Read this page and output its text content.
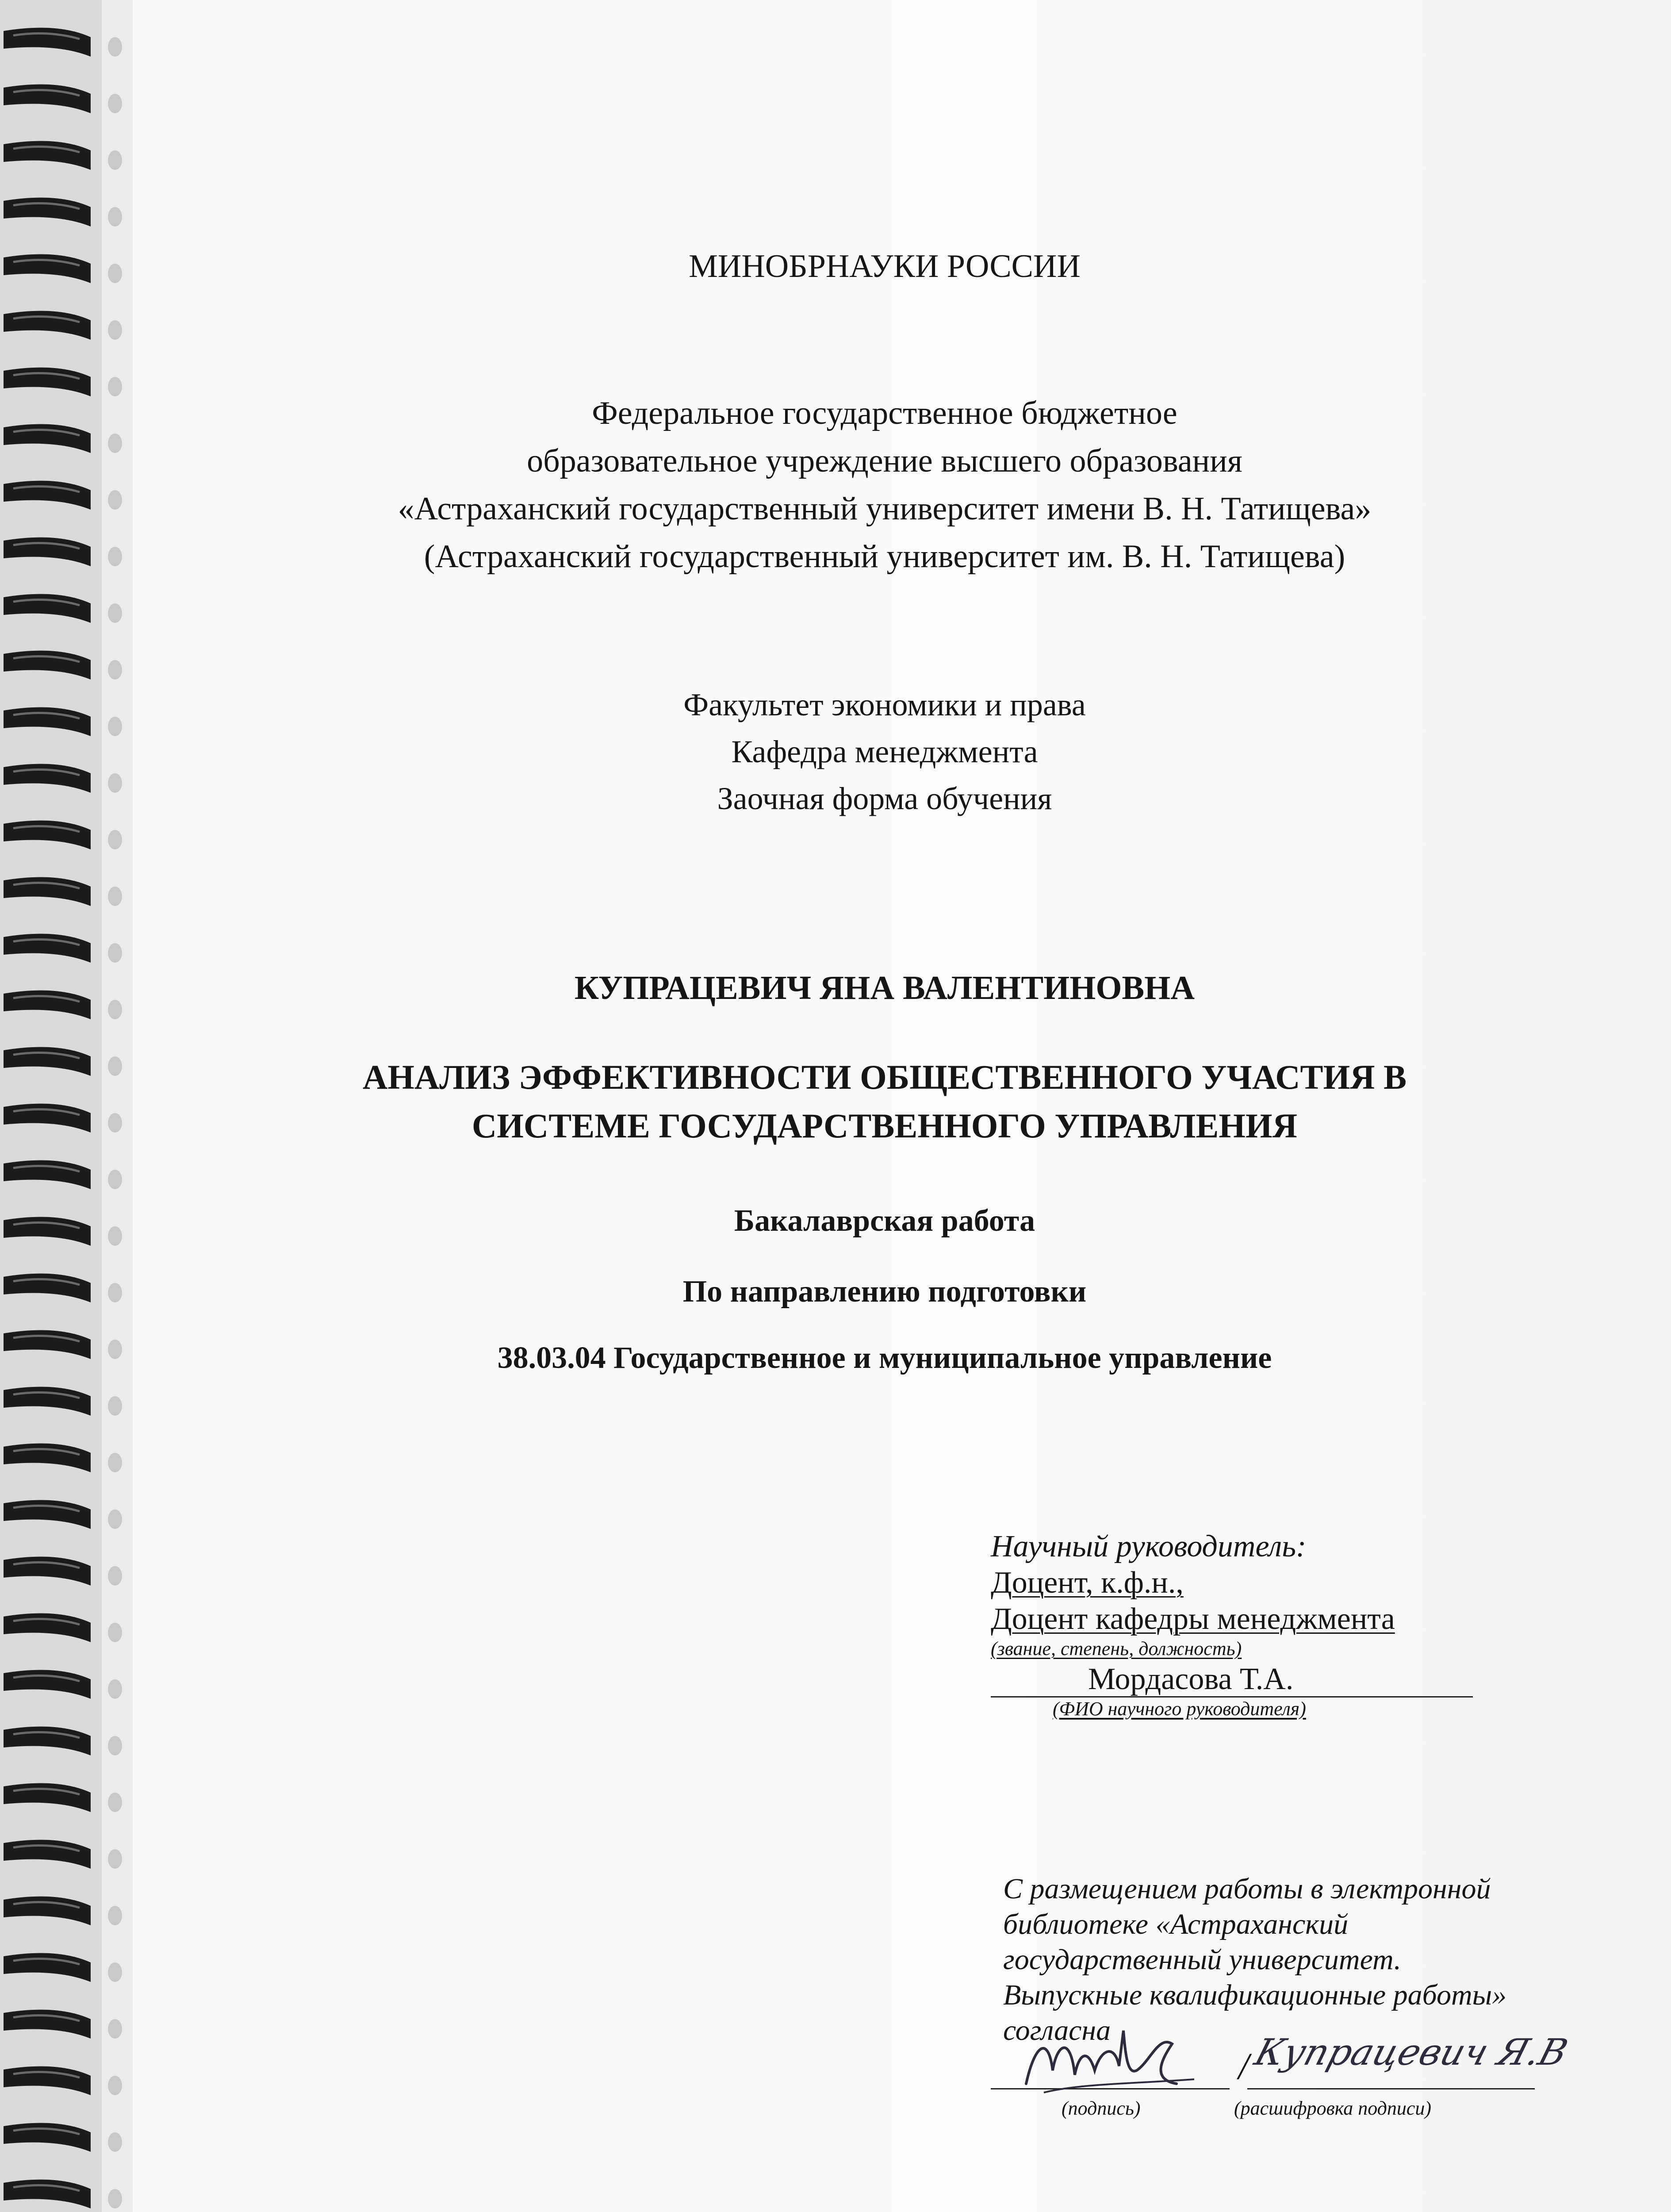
МИНОБРНАУКИ РОССИИ
Федеральное государственное бюджетное
образовательное учреждение высшего образования
«Астраханский государственный университет имени В. Н. Татищева»
(Астраханский государственный университет им. В. Н. Татищева)
Факультет экономики и права
Кафедра менеджмента
Заочная форма обучения
КУПРАЦЕВИЧ ЯНА ВАЛЕНТИНОВНА
АНАЛИЗ ЭФФЕКТИВНОСТИ ОБЩЕСТВЕННОГО УЧАСТИЯ В
СИСТЕМЕ ГОСУДАРСТВЕННОГО УПРАВЛЕНИЯ
Бакалаврская работа
По направлению подготовки
38.03.04 Государственное и муниципальное управление
Научный руководитель:
Доцент, к.ф.н.,
Доцент кафедры менеджмента
(звание, степень, должность)
Мордасова Т.А.
(ФИО научного руководителя)
С размещением работы в электронной
библиотеке «Астраханский
государственный университет.
Выпускные квалификационные работы»
согласна
/ Купрацевич Я.В
(подпись)	(расшифровка подписи)
